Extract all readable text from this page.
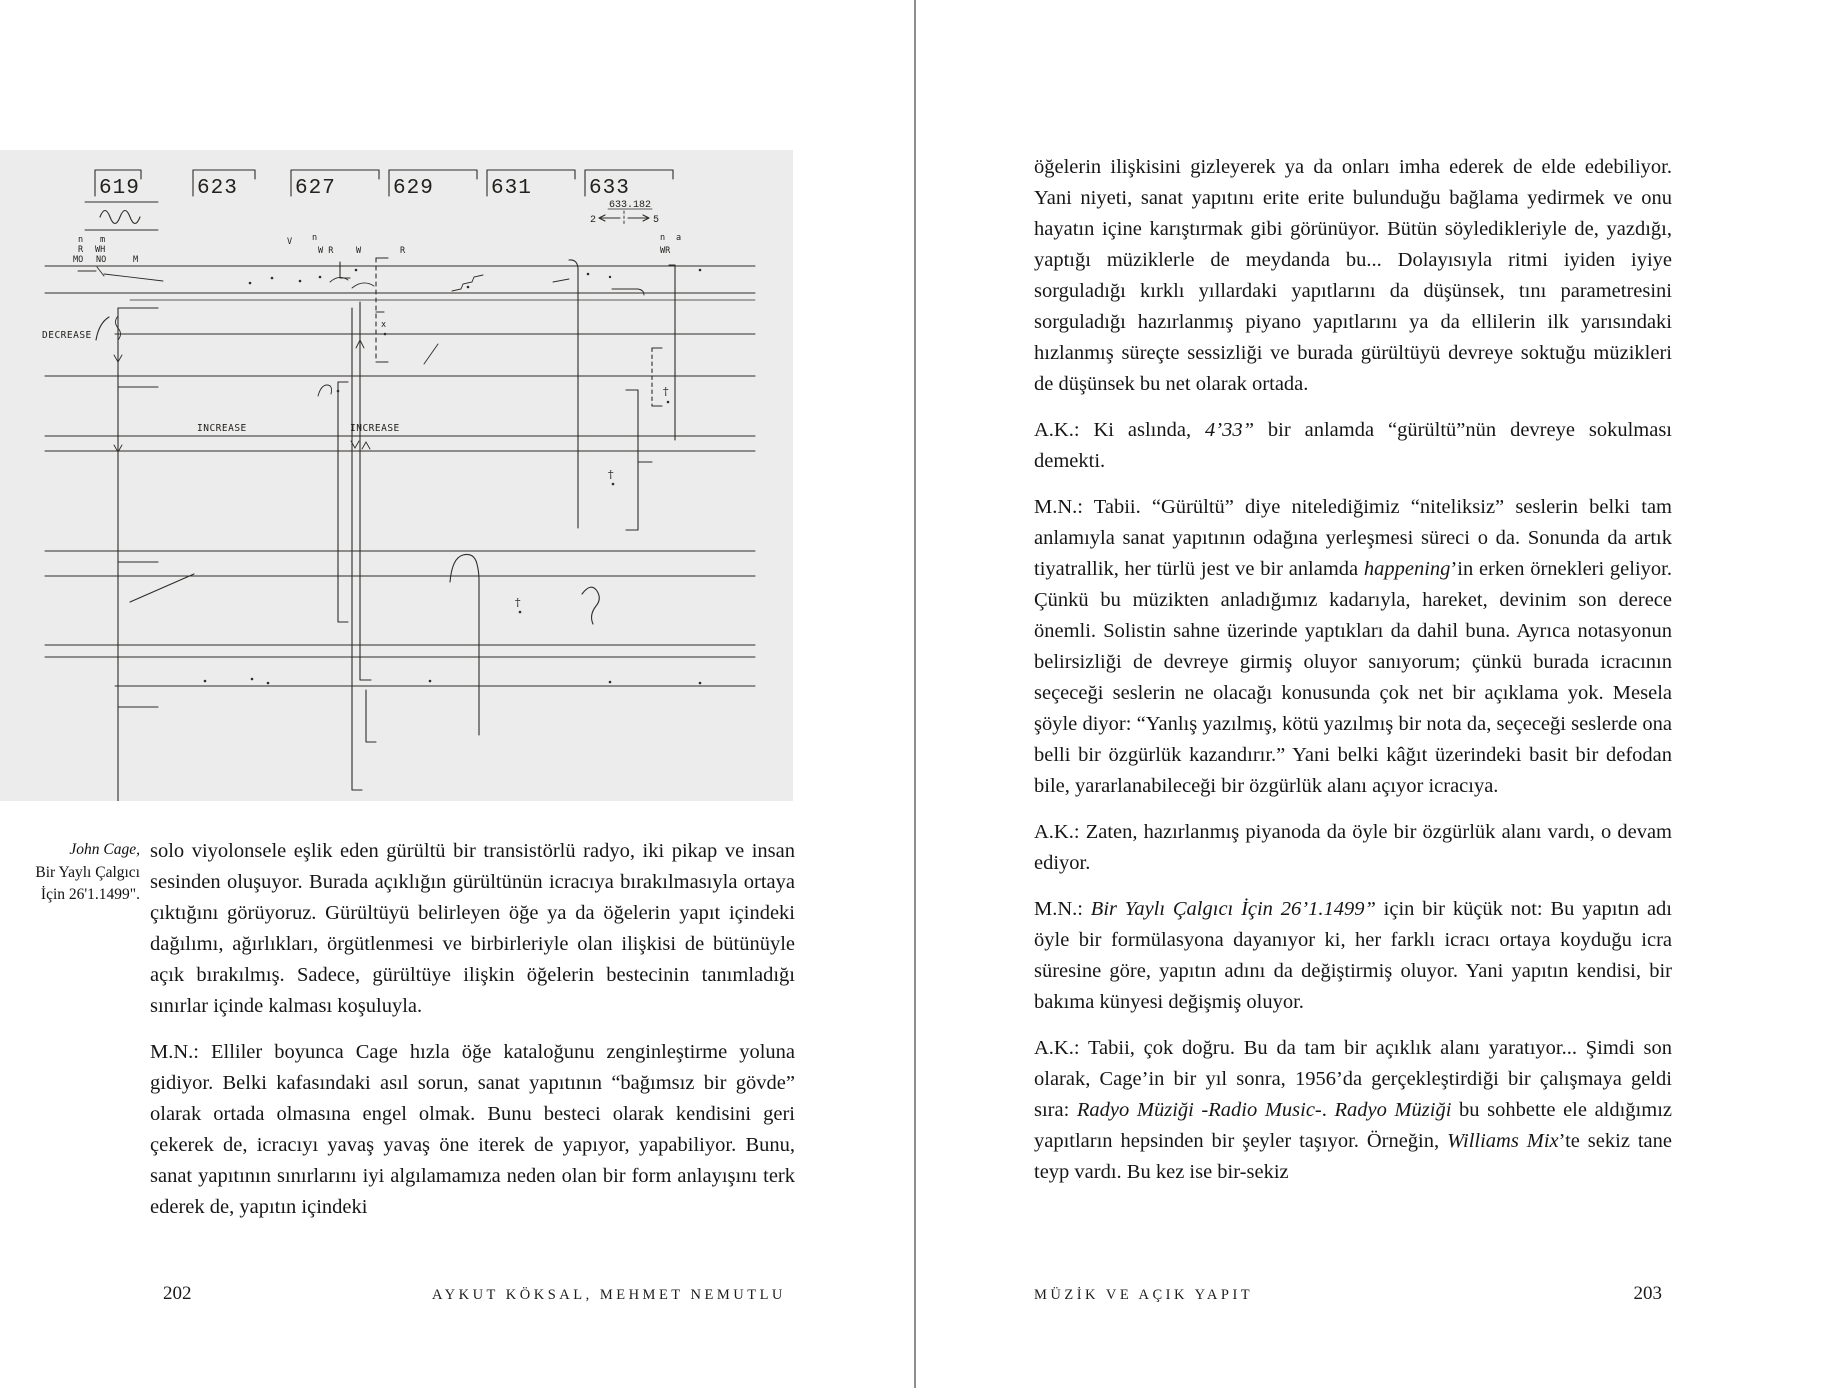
619	623	627	629	631	633
633.182
2	5
DECREASE
INCREASE	INCREASE
n m
R WH
MO NO	M
V n
W R	W	R
n a
WR
x
†
†
†
John Cage,
Bir Yaylı Çalgıcı
İçin 26'1.1499".

solo viyolonsele eşlik eden gürültü bir transistörlü radyo, iki pikap ve insan sesinden oluşuyor. Burada açıklığın gürültünün icracıya bırakılmasıyla ortaya çıktığını görüyoruz. Gürültüyü belirleyen öğe ya da öğelerin yapıt içindeki dağılımı, ağırlıkları, örgütlenmesi ve birbirleriyle olan ilişkisi de bütünüyle açık bırakılmış. Sadece, gürültüye ilişkin öğelerin bestecinin tanımladığı sınırlar içinde kalması koşuluyla.

M.N.: Elliler boyunca Cage hızla öğe kataloğunu zenginleştirme yoluna gidiyor. Belki kafasındaki asıl sorun, sanat yapıtının “bağımsız bir gövde” olarak ortada olmasına engel olmak. Bunu besteci olarak kendisini geri çekerek de, icracıyı yavaş yavaş öne iterek de yapıyor, yapabiliyor. Bunu, sanat yapıtının sınırlarını iyi algılamamıza neden olan bir form anlayışını terk ederek de, yapıtın içindeki

202	AYKUT KÖKSAL, MEHMET NEMUTLU

öğelerin ilişkisini gizleyerek ya da onları imha ederek de elde edebiliyor. Yani niyeti, sanat yapıtını erite erite bulunduğu bağlama yedirmek ve onu hayatın içine karıştırmak gibi görünüyor. Bütün söyledikleriyle de, yazdığı, yaptığı müziklerle de meydanda bu... Dolayısıyla ritmi iyiden iyiye sorguladığı kırklı yıllardaki yapıtlarını da düşünsek, tını parametresini sorguladığı hazırlanmış piyano yapıtlarını ya da ellilerin ilk yarısındaki hızlanmış süreçte sessizliği ve burada gürültüyü devreye soktuğu müzikleri de düşünsek bu net olarak ortada.

A.K.: Ki aslında, 4’33” bir anlamda “gürültü”nün devreye sokulması demekti.

M.N.: Tabii. “Gürültü” diye nitelediğimiz “niteliksiz” seslerin belki tam anlamıyla sanat yapıtının odağına yerleşmesi süreci o da. Sonunda da artık tiyatrallik, her türlü jest ve bir anlamda happening’in erken örnekleri geliyor. Çünkü bu müzikten anladığımız kadarıyla, hareket, devinim son derece önemli. Solistin sahne üzerinde yaptıkları da dahil buna. Ayrıca notasyonun belirsizliği de devreye girmiş oluyor sanıyorum; çünkü burada icracının seçeceği seslerin ne olacağı konusunda çok net bir açıklama yok. Mesela şöyle diyor: “Yanlış yazılmış, kötü yazılmış bir nota da, seçeceği seslerde ona belli bir özgürlük kazandırır.” Yani belki kâğıt üzerindeki basit bir defodan bile, yararlanabileceği bir özgürlük alanı açıyor icracıya.

A.K.: Zaten, hazırlanmış piyanoda da öyle bir özgürlük alanı vardı, o devam ediyor.

M.N.: Bir Yaylı Çalgıcı İçin 26’1.1499” için bir küçük not: Bu yapıtın adı öyle bir formülasyona dayanıyor ki, her farklı icracı ortaya koyduğu icra süresine göre, yapıtın adını da değiştirmiş oluyor. Yani yapıtın kendisi, bir bakıma künyesi değişmiş oluyor.

A.K.: Tabii, çok doğru. Bu da tam bir açıklık alanı yaratıyor... Şimdi son olarak, Cage’in bir yıl sonra, 1956’da gerçekleştirdiği bir çalışmaya geldi sıra: Radyo Müziği -Radio Music-. Radyo Müziği bu sohbette ele aldığımız yapıtların hepsinden bir şeyler taşıyor. Örneğin, Williams Mix’te sekiz tane teyp vardı. Bu kez ise bir-sekiz

MÜZİK VE AÇIK YAPIT	203
